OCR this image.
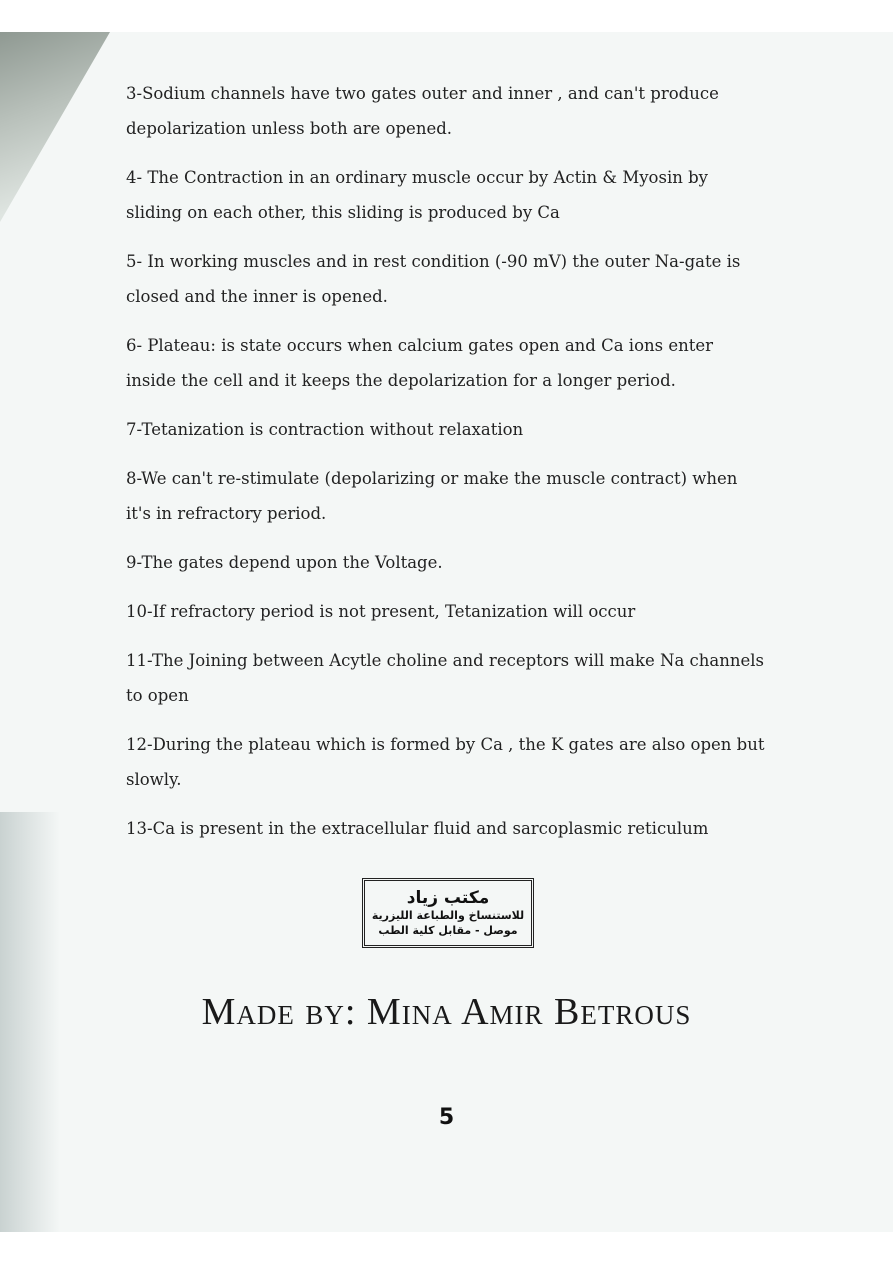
3-Sodium channels have two gates outer and inner , and can't produce depolarization unless both are opened.
4- The Contraction in an ordinary muscle occur by Actin & Myosin by sliding on each other, this sliding is produced by Ca
5- In working muscles and in rest condition (-90 mV) the outer Na-gate is closed and the inner is opened.
6- Plateau: is state occurs when calcium gates open and Ca ions enter inside the cell and it keeps the depolarization for a longer period.
7-Tetanization is contraction without relaxation
8-We can't re-stimulate (depolarizing or make the muscle contract) when it's in refractory period.
9-The gates depend upon the Voltage.
10-If refractory period is not present, Tetanization will occur
11-The Joining between Acytle choline and receptors will make Na channels to open
12-During the plateau which is formed by Ca , the K gates are also open but slowly.
13-Ca is present in the extracellular fluid and sarcoplasmic reticulum
مكتب زياد
للاستنساخ والطباعة الليزرية
موصل - مقابل كلية الطب
Made by: Mina Amir Betrous
5
